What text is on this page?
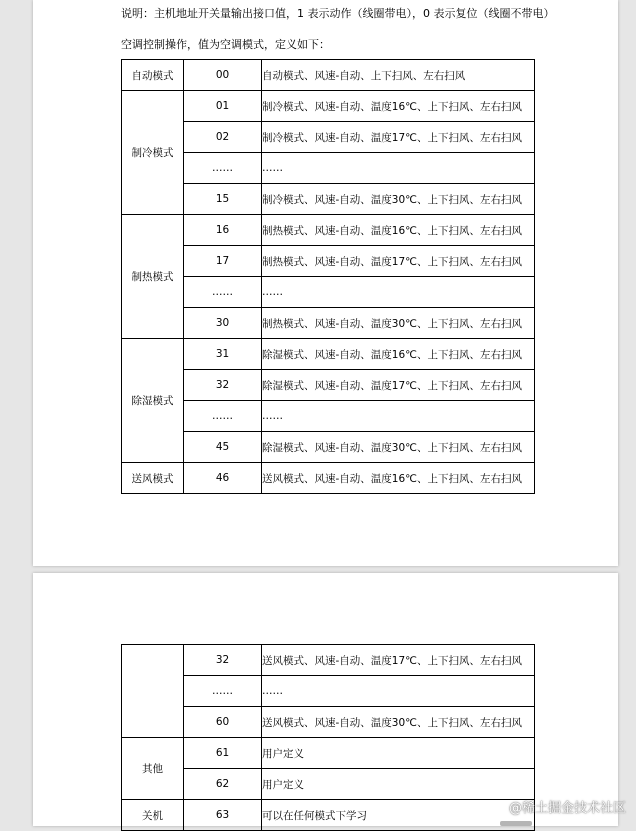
说明：主机地址开关量输出接口值，1 表示动作（线圈带电），0 表示复位（线圈不带电）
空调控制操作，值为空调模式，定义如下：
自动模式	00	自动模式、风速-自动、上下扫风、左右扫风
制冷模式	01	制冷模式、风速-自动、温度16℃、上下扫风、左右扫风
	02	制冷模式、风速-自动、温度17℃、上下扫风、左右扫风
	……	……
	15	制冷模式、风速-自动、温度30℃、上下扫风、左右扫风
制热模式	16	制热模式、风速-自动、温度16℃、上下扫风、左右扫风
	17	制热模式、风速-自动、温度17℃、上下扫风、左右扫风
	……	……
	30	制热模式、风速-自动、温度30℃、上下扫风、左右扫风
除湿模式	31	除湿模式、风速-自动、温度16℃、上下扫风、左右扫风
	32	除湿模式、风速-自动、温度17℃、上下扫风、左右扫风
	……	……
	45	除湿模式、风速-自动、温度30℃、上下扫风、左右扫风
送风模式	46	送风模式、风速-自动、温度16℃、上下扫风、左右扫风
	32	送风模式、风速-自动、温度17℃、上下扫风、左右扫风
	……	……
	60	送风模式、风速-自动、温度30℃、上下扫风、左右扫风
其他	61	用户定义
	62	用户定义
关机	63	可以在任何模式下学习	@稀土掘金技术社区
